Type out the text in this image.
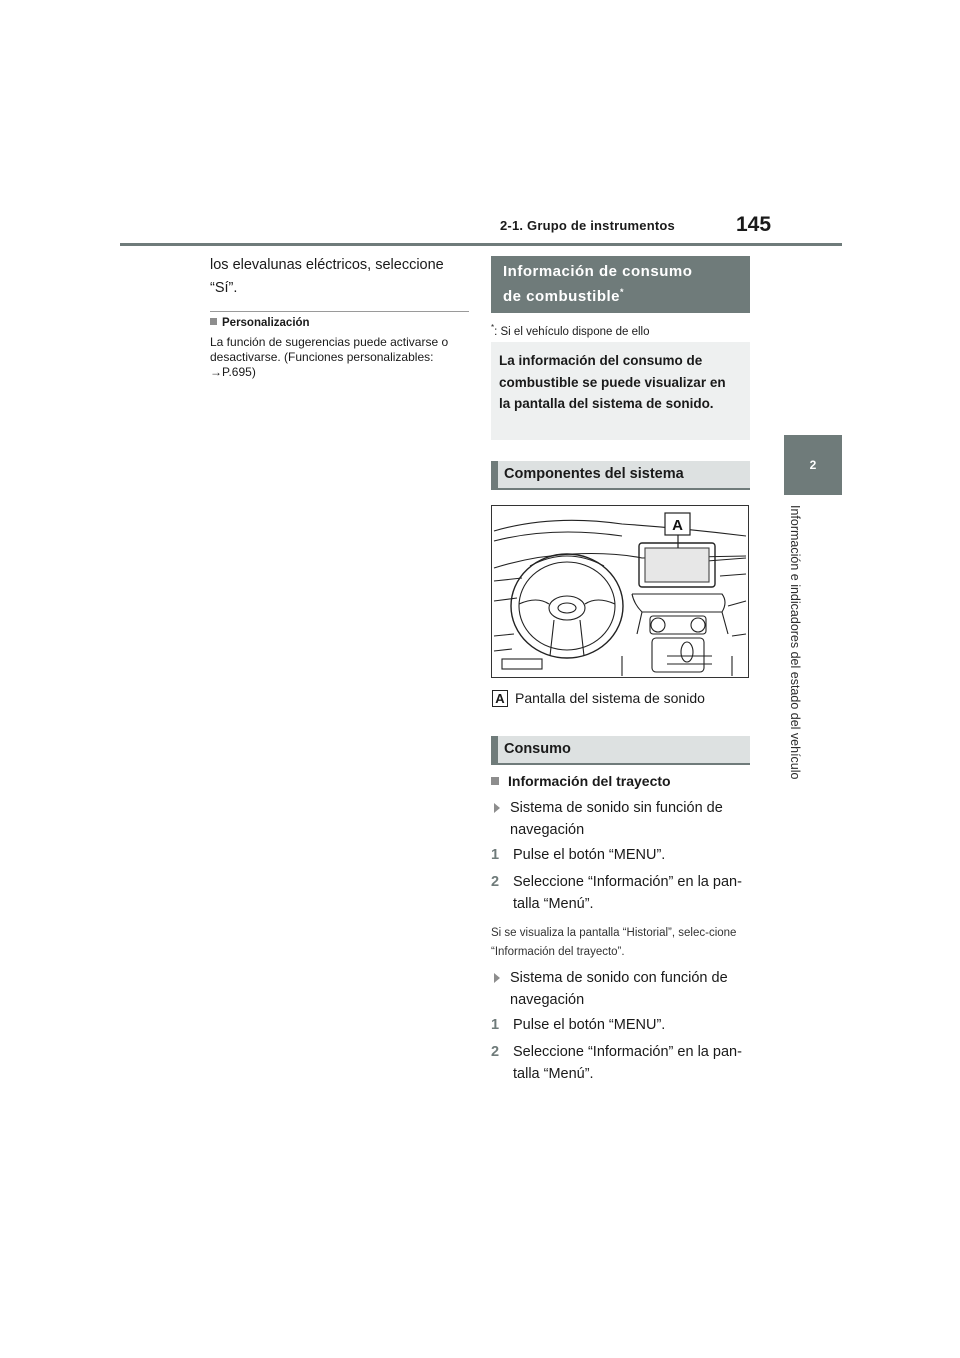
2-1. Grupo de instrumentos	145
2
Información e indicadores del estado del vehículo
los elevalunas eléctricos, seleccione “Sí”.
Personalización
La función de sugerencias puede activarse o desactivarse. (Funciones personalizables: →P.695)
Información de consumo
de combustible*
*: Si el vehículo dispone de ello
La información del consumo de combustible se puede visualizar en la pantalla del sistema de sonido.
Componentes del sistema
A
A Pantalla del sistema de sonido
Consumo
Información del trayecto
Sistema de sonido sin función de navegación
1 Pulse el botón “MENU”.
2 Seleccione “Información” en la pan-talla “Menú”.
Si se visualiza la pantalla “Historial”, selec-cione “Información del trayecto”.
Sistema de sonido con función de navegación
1 Pulse el botón “MENU”.
2 Seleccione “Información” en la pan-talla “Menú”.
